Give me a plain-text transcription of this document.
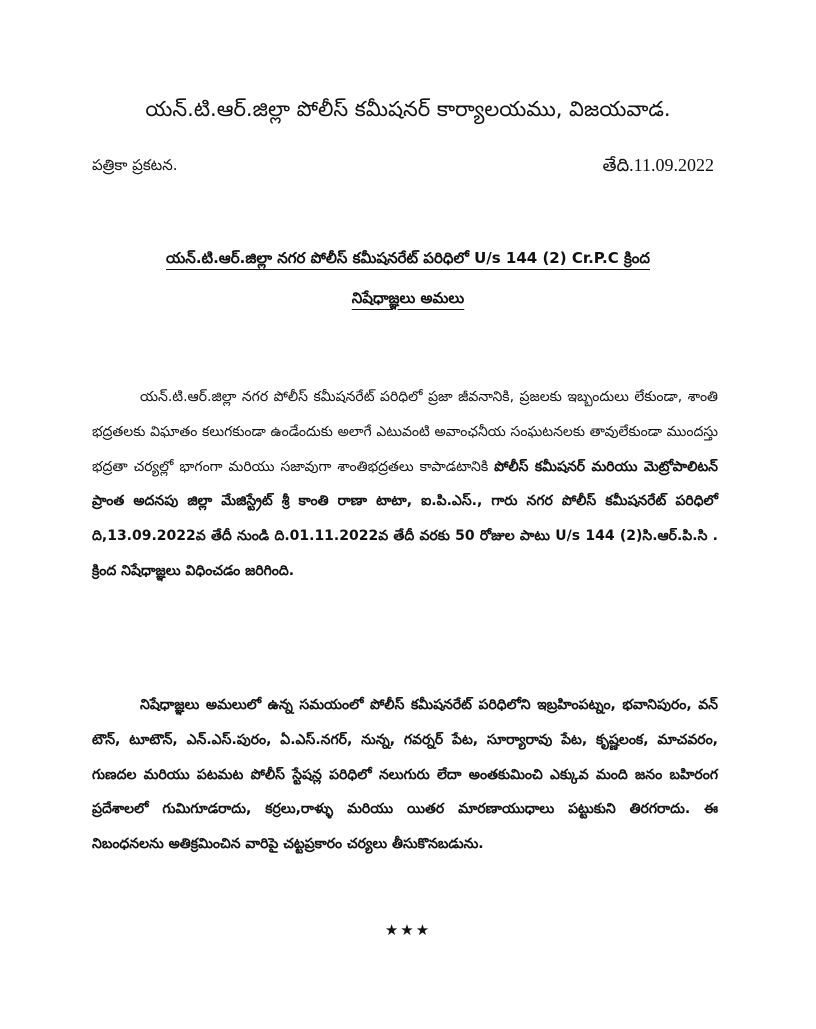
యన్.టి.ఆర్.జిల్లా పోలీస్ కమీషనర్ కార్యాలయము, విజయవాడ.
పత్రికా ప్రకటన.	తేది.11.09.2022
యన్.టి.ఆర్.జిల్లా నగర పోలీస్ కమీషనరేట్ పరిధిలో U/s 144 (2) Cr.P.C క్రింద
నిషేధాజ్ఞలు అమలు
యన్.టి.ఆర్.జిల్లా నగర పోలీస్ కమీషనరేట్ పరిధిలో ప్రజా జీవనానికి, ప్రజలకు ఇబ్బందులు లేకుండా, శాంతి భద్రతలకు విఘాతం కలుగకుండా ఉండేందుకు అలాగే ఎటువంటి అవాంఛనీయ సంఘటనలకు తావులేకుండా ముందస్తు భద్రతా చర్యల్లో భాగంగా మరియు సజావుగా శాంతిభద్రతలు కాపాడటానికి పోలీస్ కమీషనర్ మరియు మెట్రోపాలిటన్ ప్రాంత అదనపు జిల్లా మేజిస్ట్రేట్ శ్రీ కాంతి రాణా టాటా, ఐ.పి.ఎస్., గారు నగర పోలీస్ కమీషనరేట్ పరిధిలో ది,13.09.2022వ తేదీ నుండి ది.01.11.2022వ తేదీ వరకు 50 రోజుల పాటు U/s 144 (2)సి.ఆర్.పి.సి . క్రింద నిషేధాజ్ఞలు విధించడం జరిగింది.
నిషేధాజ్ఞలు అమలులో ఉన్న సమయంలో పోలీస్ కమీషనరేట్ పరిధిలోని ఇబ్రహింపట్నం, భవానిపురం, వన్ టౌన్, టూటౌన్, ఎన్.ఎస్.పురం, ఏ.ఎస్.నగర్, నున్న, గవర్నర్ పేట, సూర్యారావు పేట, కృష్ణలంక, మాచవరం, గుణదల మరియు పటమట పోలీస్ స్టేషన్ల పరిధిలో నలుగురు లేదా అంతకుమించి ఎక్కువ మంది జనం బహిరంగ ప్రదేశాలలో గుమిగూడరాదు, కర్రలు,రాళ్ళు మరియు యితర మారణాయుధాలు పట్టుకుని తిరగరాదు. ఈ నిబంధనలను అతిక్రమించిన వారిపై చట్టప్రకారం చర్యలు తీసుకొనబడును.
★★★
